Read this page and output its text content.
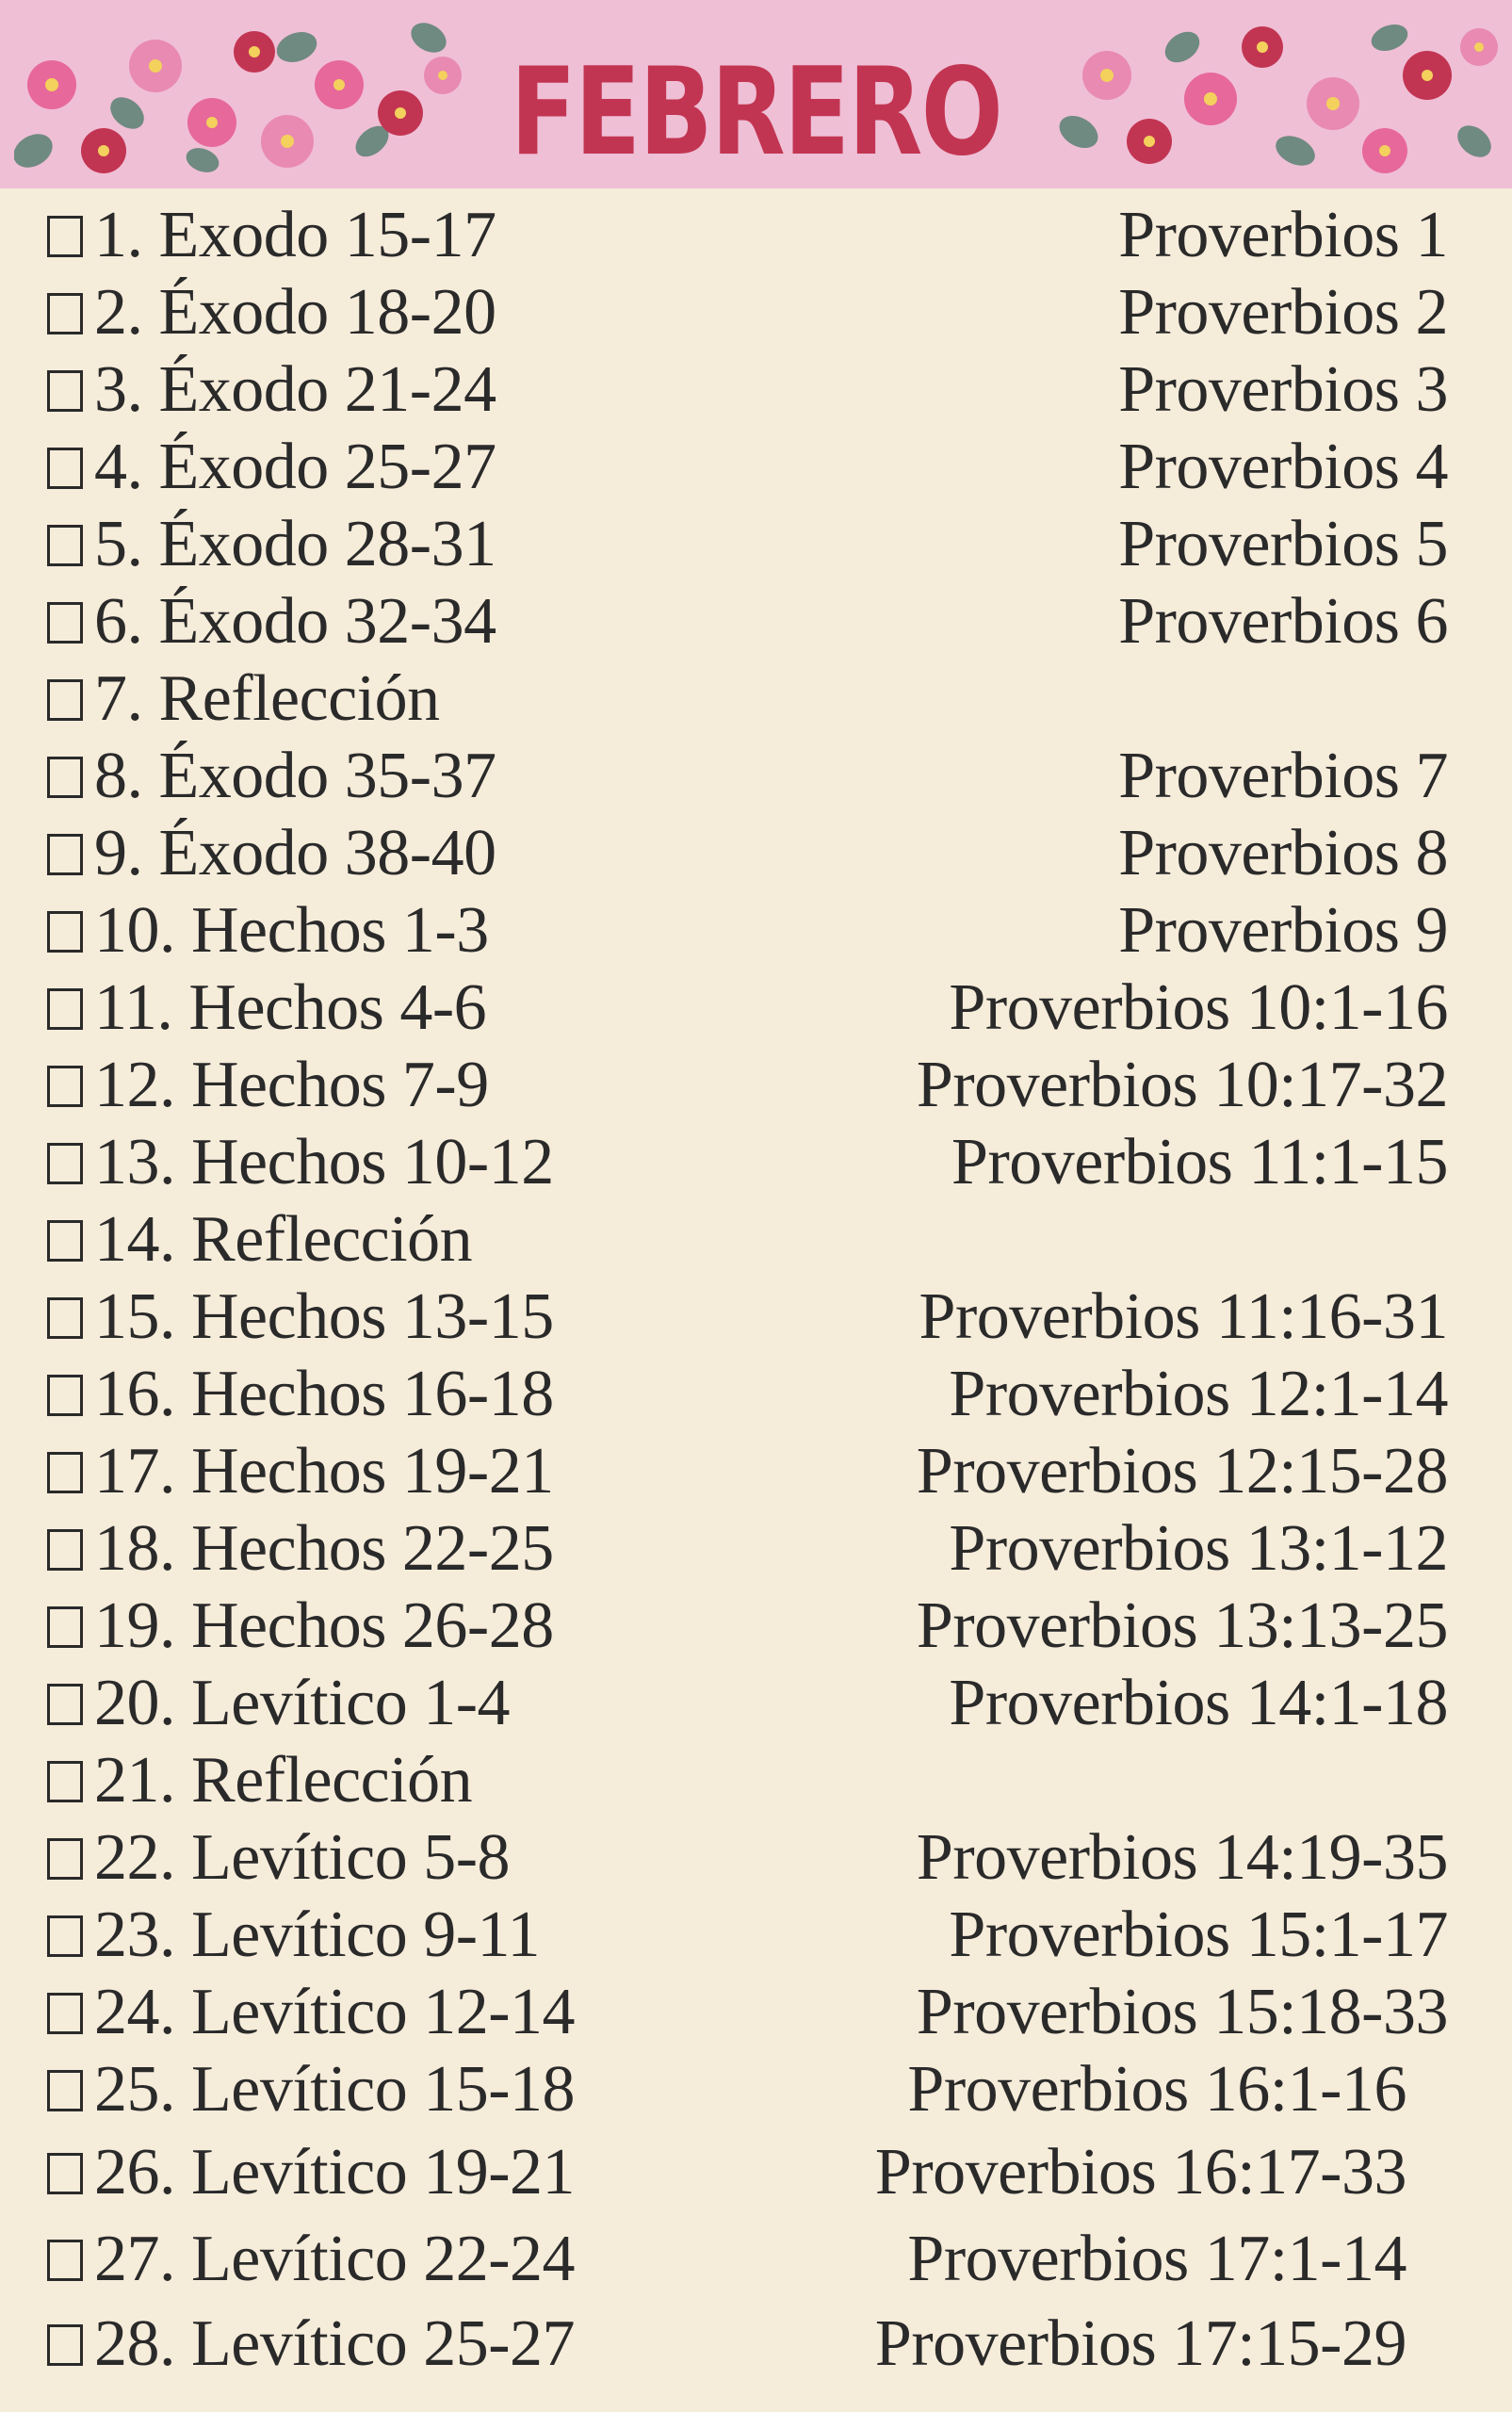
FEBRERO
1. Exodo 15-17	Proverbios 1
2. Éxodo 18-20	Proverbios 2
3. Éxodo 21-24	Proverbios 3
4. Éxodo 25-27	Proverbios 4
5. Éxodo 28-31	Proverbios 5
6. Éxodo 32-34	Proverbios 6
7. Reflección
8. Éxodo 35-37	Proverbios 7
9. Éxodo 38-40	Proverbios 8
10. Hechos 1-3	Proverbios 9
11. Hechos 4-6	Proverbios 10:1-16
12. Hechos 7-9	Proverbios 10:17-32
13. Hechos 10-12	Proverbios 11:1-15
14. Reflección
15. Hechos 13-15	Proverbios 11:16-31
16. Hechos 16-18	Proverbios 12:1-14
17. Hechos 19-21	Proverbios 12:15-28
18. Hechos 22-25	Proverbios 13:1-12
19. Hechos 26-28	Proverbios 13:13-25
20. Levítico 1-4	Proverbios 14:1-18
21. Reflección
22. Levítico 5-8	Proverbios 14:19-35
23. Levítico 9-11	Proverbios 15:1-17
24. Levítico 12-14	Proverbios 15:18-33
25. Levítico 15-18	Proverbios 16:1-16
26. Levítico 19-21	Proverbios 16:17-33
27. Levítico 22-24	Proverbios 17:1-14
28. Levítico 25-27	Proverbios 17:15-29
